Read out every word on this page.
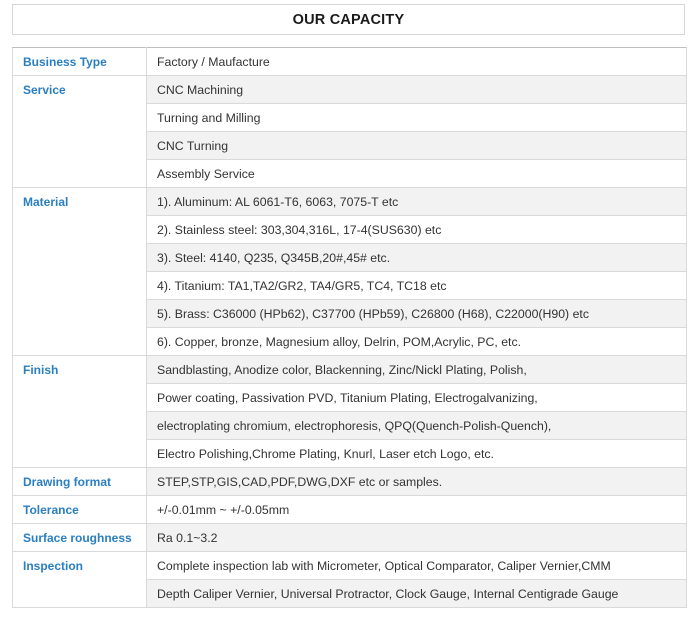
OUR CAPACITY
Business Type	Factory / Maufacture
Service	CNC Machining
	Turning and Milling
	CNC Turning
	Assembly Service
Material	1). Aluminum: AL 6061-T6, 6063, 7075-T etc
	2). Stainless steel: 303,304,316L, 17-4(SUS630) etc
	3). Steel: 4140, Q235, Q345B,20#,45# etc.
	4). Titanium: TA1,TA2/GR2, TA4/GR5, TC4, TC18 etc
	5). Brass: C36000 (HPb62), C37700 (HPb59), C26800 (H68), C22000(H90) etc
	6). Copper, bronze, Magnesium alloy, Delrin, POM,Acrylic, PC, etc.
Finish	Sandblasting, Anodize color, Blackenning, Zinc/Nickl Plating, Polish,
	Power coating, Passivation PVD, Titanium Plating, Electrogalvanizing,
	electroplating chromium, electrophoresis, QPQ(Quench-Polish-Quench),
	Electro Polishing,Chrome Plating, Knurl, Laser etch Logo, etc.
Drawing format	STEP,STP,GIS,CAD,PDF,DWG,DXF etc or samples.
Tolerance	+/-0.01mm ~ +/-0.05mm
Surface roughness	Ra 0.1~3.2
Inspection	Complete inspection lab with Micrometer, Optical Comparator, Caliper Vernier,CMM
	Depth Caliper Vernier, Universal Protractor, Clock Gauge, Internal Centigrade Gauge
